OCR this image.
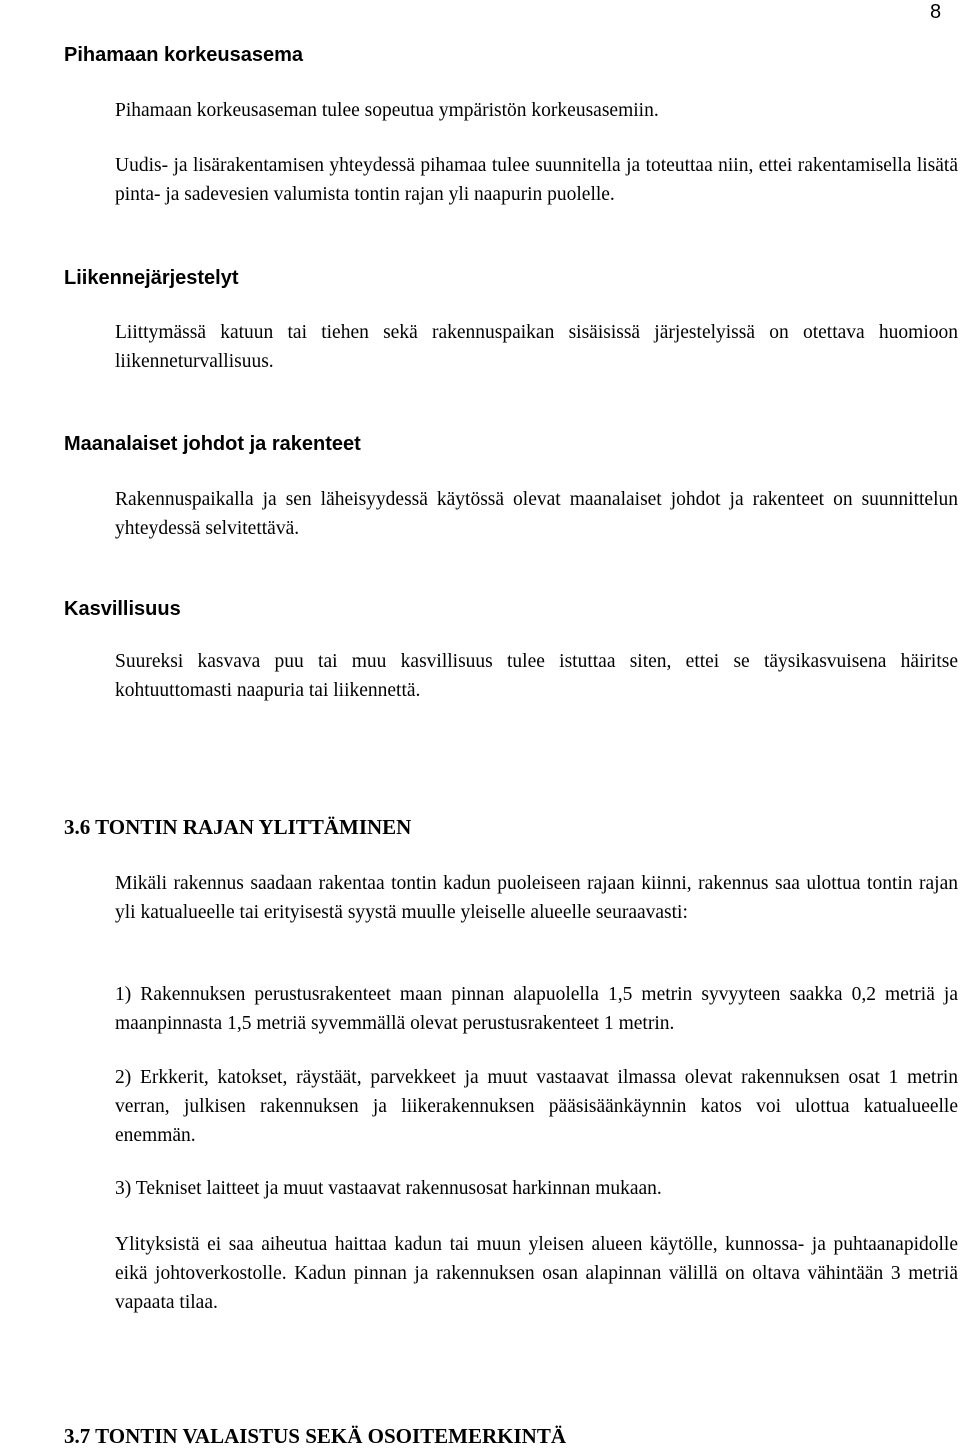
8
Pihamaan korkeusasema

Pihamaan korkeusaseman tulee sopeutua ympäristön korkeusasemiin.

Uudis- ja lisärakentamisen yhteydessä pihamaa tulee suunnitella ja toteuttaa niin, ettei rakentamisella lisätä pinta- ja sadevesien valumista tontin rajan yli naapurin puolelle.

Liikennejärjestelyt

Liittymässä katuun tai tiehen sekä rakennuspaikan sisäisissä järjestelyissä on otettava huomioon liikenneturvallisuus.

Maanalaiset johdot ja rakenteet

Rakennuspaikalla ja sen läheisyydessä käytössä olevat maanalaiset johdot ja rakenteet on suunnittelun yhteydessä selvitettävä.

Kasvillisuus

Suureksi kasvava puu tai muu kasvillisuus tulee istuttaa siten, ettei se täysikasvuisena häiritse kohtuuttomasti naapuria tai liikennettä.

3.6 TONTIN RAJAN YLITTÄMINEN

Mikäli rakennus saadaan rakentaa tontin kadun puoleiseen rajaan kiinni, rakennus saa ulottua tontin rajan yli katualueelle tai erityisestä syystä muulle yleiselle alueelle seuraavasti:

1) Rakennuksen perustusrakenteet maan pinnan alapuolella 1,5 metrin syvyyteen saakka 0,2 metriä ja maanpinnasta 1,5 metriä syvemmällä olevat perustusrakenteet 1 metrin.

2) Erkkerit, katokset, räystäät, parvekkeet ja muut vastaavat ilmassa olevat rakennuksen osat 1 metrin verran, julkisen rakennuksen ja liikerakennuksen pääsisäänkäynnin katos voi ulottua katualueelle enemmän.

3) Tekniset laitteet ja muut vastaavat rakennusosat harkinnan mukaan.

Ylityksistä ei saa aiheutua haittaa kadun tai muun yleisen alueen käytölle, kunnossa- ja puhtaanapidolle eikä johtoverkostolle. Kadun pinnan ja rakennuksen osan alapinnan välillä on oltava vähintään 3 metriä vapaata tilaa.

3.7 TONTIN VALAISTUS SEKÄ OSOITEMERKINTÄ
